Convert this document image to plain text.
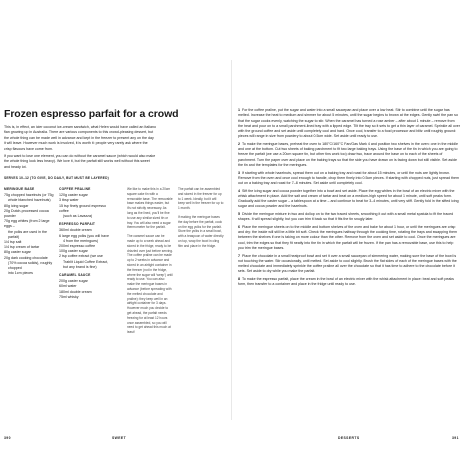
Frozen espresso parfait for a crowd

This is, in effect, an icier coconut ice-cream sandwich, what Helen would have called an Italiano flan growing up in Australia. There are various components to this crowd-pleasing dessert, but the whole thing can be made well in advance and kept in the freezer to present any on the day it will leave. However much work is involved, it is worth it: people very rarely ask where the crisp flavours have come from.

If you want to lose one element, you can do without the caramel sauce (which would also make the whole thing look less heavy). We love it, but the parfait still works well without this sweet and heady lot.

SERVES 10–12 (TO GIVE, DO DAILY, BUT MUST BE LAYERED)
MERINGUE BASE
75g chopped hazelnuts (or 75g
whole blanched hazelnuts)
80g icing sugar
20g Dutch-processed cocoa powder
70g egg whites (from 2 large eggs –
the yolks are used in the parfait)
1/4 tsp salt
1/4 tsp cream of tartar
80g caster sugar
20g dark cooking chocolate
(70% cocoa solids), roughly chopped
into 1cm pieces
COFFEE PRALINE
120g caster sugar
3 tbsp water
15 tsp finely ground espresso coffee
(such as Lavazza)
ESPRESSO PARFAIT
360ml double cream
6 large egg yolks (you will have
4 from the meringues)
200ml espresso coffee
100g caster sugar
2 tsp coffee extract (we use
Trablit Liquid Coffee Extract,
but any brand is fine)
CARAMEL SAUCE
200g caster sugar
60ml water
180ml double cream
75ml whisky

We like to make this in a 20cm square cake tin with a removable base. The removable base makes things easier, but it's not strictly necessary. As long as the lined, you'll be fine to use any similar sized tin or tray. You will also need a sugar thermometer for the parfait.

The caramel sauce can be made up to a week ahead and stored in the fridge, ready to be drizzled over just before serving. The coffee praline can be made up to 2 weeks in advance and stored in an airtight container in the freezer (not in the fridge, where the sugar will 'weep') until ready to use. You can also make the meringue bases in advance (before spreading with the melted chocolate and praline): they keep well in an airtight container for 3 days. However much you decide to get ahead, the parfait needs freezing for at least 12 hours once assembled, so you will need to get ahead this much at least!

The parfait can be assembled and stored in the freezer for up to 1 week. Ideally, but it will keep well in the freezer for up to 1 month.

If making the meringue bases the day before the parfait, cook on the egg yolks for the parfait. Store the yolks in a small bowl, with a teaspoon of water directly on top, wrap the bowl in cling film and place in the fridge.

390	SWEET	DESSERTS	391

1 For the coffee praline, put the sugar and water into a small saucepan and place over a low heat. Stir to combine until the sugar has melted. Increase the heat to medium and simmer for about 5 minutes, until the sugar begins to brown at the edges. Gently swirl the pan so that the sugar cooks evenly, watching the sugar to stir. When the caramel has turned a rose amber – after about 1 minute – remove from the heat and pour on to a small parchment-lined tray with a lipped edge. Tilt the tray so it sets to get a thin layer of caramel. Sprinkle all over with the ground coffee and set aside until completely cool and hard. Once cool, transfer to a food processor and blitz until roughly ground: pieces will range in size from powdery to about 0.5cm wide. Set aside until ready to use.

2 To make the meringue bases, preheat the oven to 180°C/160°C Fan/Gas Mark 4 and position two shelves in the oven: one in the middle and one at the bottom. Cut two sheets of baking parchment to fit two large baking trays. Using the base of the tin in which you are going to freeze the parfait (we use a 20cm square tin, but other tins work too) draw two, trace around the base on to each of the sheets of parchment. Turn the paper over and place on the baking trays so that the side you have drawn on is facing down but still visible. Set aside the tin and the templates for the meringues.

3 If starting with whole hazelnuts, spread them out on a baking tray and roast for about 15 minutes, or until the nuts are lightly brown. Remove from the oven and once cool enough to handle, chop them finely into 0.5cm pieces. If starting with chopped nuts, just spread them out on a baking tray and roast for 7–8 minutes. Set aside until completely cool.

4 Sift the icing sugar and cocoa powder together into a bowl and set aside. Place the egg whites in the bowl of an electric mixer with the whisk attachment in place. Add the salt and cream of tartar and beat on a medium-high speed for about 1 minute, until soft peaks form. Gradually add the caster sugar – a tablespoon at a time – and continue to beat for 3–4 minutes, until very stiff. Gently fold in the sifted icing sugar and cocoa powder and the hazelnuts.

5 Divide the meringue mixture in two and dollop on to the two traced sheets, smoothing it out with a small metal spatula to fit the traced shapes. It will spread slightly, but you can trim it back so that it fits the tin snugly later.

6 Place the meringue sheets on to the middle and bottom shelves of the oven and bake for about 1 hour, or until the meringues are crisp and dry: the inside will still be a little bit soft. Check the meringues halfway through the cooking time, rotating the trays and swapping them between the shelves if one is taking on more colour than the other. Remove from the oven and set aside to cool. Once the meringues are cool, trim the edges so that they fit neatly into the tin in which the parfait will be frozen. If the pan has a removable base, use this to help you trim the meringue bases.

7 Place the chocolate in a small heatproof bowl and set it over a small saucepan of simmering water, making sure the base of the bowl is not touching the water. Stir occasionally, until melted. Set aside to cool slightly. Brush the flat sides of each of the meringue bases with the melted chocolate and immediately sprinkle the coffee praline all over the chocolate so that it has time to adhere to the chocolate before it sets. Set aside to dry while you make the parfait.

8 To make the espresso parfait, place the cream in the bowl of an electric mixer with the whisk attachment in place: beat and soft peaks form, then transfer to a container and place in the fridge until ready to use.
